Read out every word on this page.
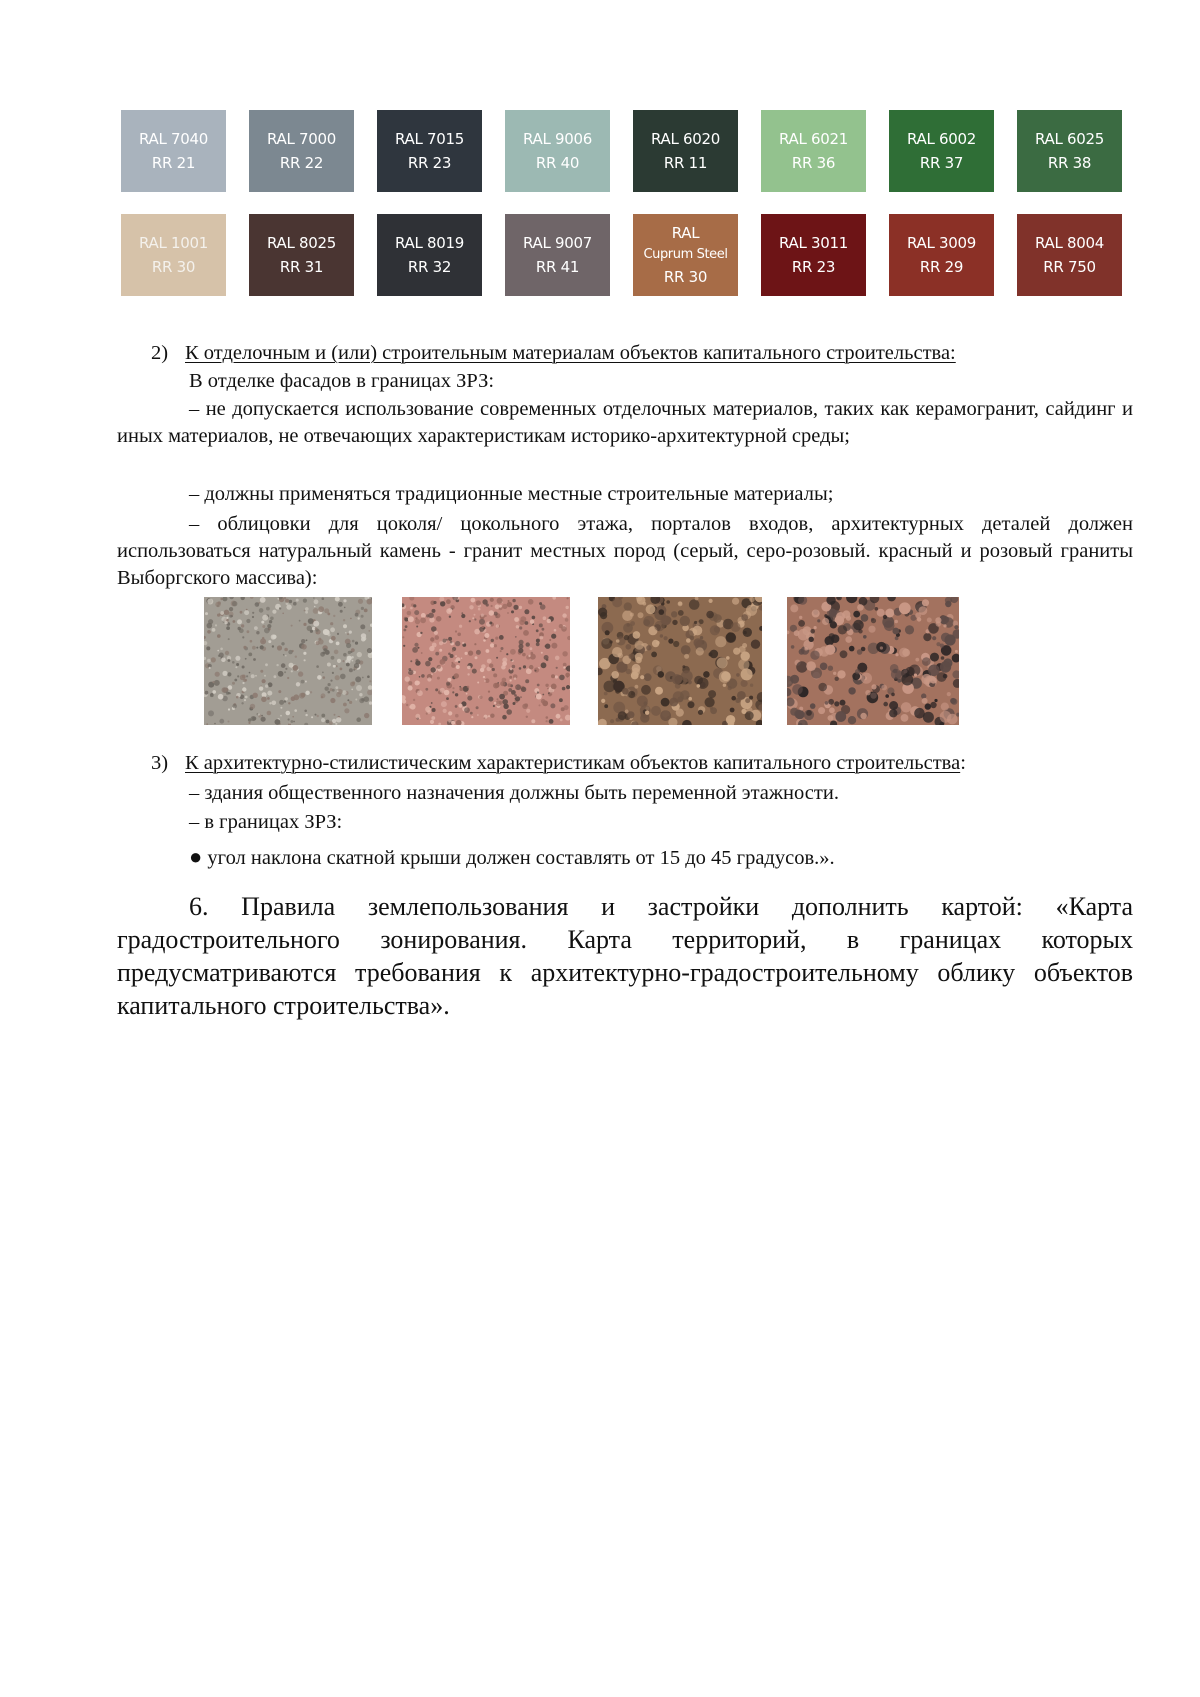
RAL 7040
RR 21
RAL 7000
RR 22
RAL 7015
RR 23
RAL 9006
RR 40
RAL 6020
RR 11
RAL 6021
RR 36
RAL 6002
RR 37
RAL 6025
RR 38
RAL 1001
RR 30
RAL 8025
RR 31
RAL 8019
RR 32
RAL 9007
RR 41
RAL
Cuprum Steel
RR 30
RAL 3011
RR 23
RAL 3009
RR 29
RAL 8004
RR 750

2) К отделочным и (или) строительным материалам объектов капитального строительства:

В отделке фасадов в границах ЗРЗ:

– не допускается использование современных отделочных материалов, таких как керамогранит, сайдинг и иных материалов, не отвечающих характеристикам историко-архитектурной среды;

– должны применяться традиционные местные строительные материалы;

– облицовки для цоколя/ цокольного этажа, порталов входов, архитектурных деталей должен использоваться натуральный камень - гранит местных пород (серый, серо-розовый. красный и розовый граниты Выборгского массива):

3) К архитектурно-стилистическим характеристикам объектов капитального строительства:

– здания общественного назначения должны быть переменной этажности.

– в границах ЗРЗ:

● угол наклона скатной крыши должен составлять от 15 до 45 градусов.».

6. Правила землепользования и застройки дополнить картой: «Карта градостроительного зонирования. Карта территорий, в границах которых предусматриваются требования к архитектурно-градостроительному облику объектов капитального строительства».
